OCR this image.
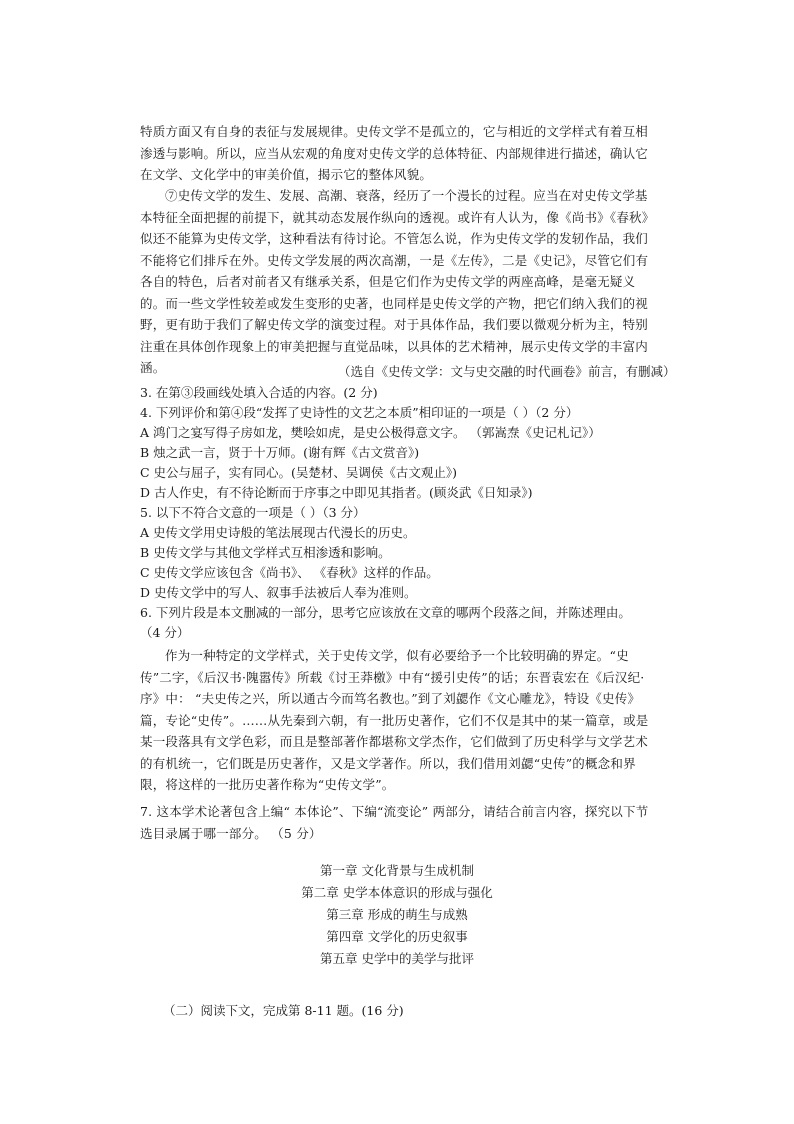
特质方面又有自身的表征与发展规律。史传文学不是孤立的，它与相近的文学样式有着互相渗透与影响。所以，应当从宏观的角度对史传文学的总体特征、内部规律进行描述，确认它在文学、文化学中的审美价值，揭示它的整体风貌。

⑦史传文学的发生、发展、高潮、衰落，经历了一个漫长的过程。应当在对史传文学基本特征全面把握的前提下，就其动态发展作纵向的透视。或许有人认为，像《尚书》《春秋》似还不能算为史传文学，这种看法有待讨论。不管怎么说，作为史传文学的发轫作品，我们不能将它们排斥在外。史传文学发展的两次高潮，一是《左传》，二是《史记》，尽管它们有各自的特色，后者对前者又有继承关系，但是它们作为史传文学的两座高峰，是毫无疑义的。而一些文学性较差或发生变形的史著，也同样是史传文学的产物，把它们纳入我们的视野，更有助于我们了解史传文学的演变过程。对于具体作品，我们要以微观分析为主，特别注重在具体创作现象上的审美把握与直觉品味，以具体的艺术精神，展示史传文学的丰富内涵。	（选自《史传文学：文与史交融的时代画卷》前言，有删减）
3. 在第③段画线处填入合适的内容。(2 分)
4. 下列评价和第④段“发挥了史诗性的文艺之本质”相印证的一项是（ ）（2 分）
A 鸿门之宴写得子房如龙，樊哙如虎，是史公极得意文字。 （郭嵩焘《史记札记》）
B 烛之武一言，贤于十万师。(谢有辉《古文赏音》)
C 史公与屈子，实有同心。(吴楚材、吴调侯《古文观止》)
D 古人作史，有不待论断而于序事之中即见其指者。(顾炎武《日知录》)
5. 以下不符合文意的一项是（ ）（3 分）
A 史传文学用史诗般的笔法展现古代漫长的历史。
B 史传文学与其他文学样式互相渗透和影响。
C 史传文学应该包含《尚书》、 《春秋》这样的作品。
D 史传文学中的写人、叙事手法被后人奉为准则。
6. 下列片段是本文删减的一部分，思考它应该放在文章的哪两个段落之间，并陈述理由。
（4 分）

作为一种特定的文学样式，关于史传文学，似有必要给予一个比较明确的界定。“史传”二字，《后汉书·隗嚣传》所载《讨王莽檄》中有“援引史传”的话；东晋袁宏在《后汉纪·序》中： “夫史传之兴，所以通古今而笃名教也。”到了刘勰作《文心雕龙》，特设《史传》篇，专论“史传”。……从先秦到六朝，有一批历史著作，它们不仅是其中的某一篇章，或是某一段落具有文学色彩，而且是整部著作都堪称文学杰作，它们做到了历史科学与文学艺术的有机统一，它们既是历史著作，又是文学著作。所以，我们借用刘勰“史传”的概念和界限，将这样的一批历史著作称为“史传文学”。

7. 这本学术论著包含上编“ 本体论”、下编“流变论” 两部分，请结合前言内容，探究以下节选目录属于哪一部分。 （5 分）

第一章 文化背景与生成机制
第二章 史学本体意识的形成与强化
第三章 形成的萌生与成熟
第四章 文学化的历史叙事
第五章 史学中的美学与批评
（二）阅读下文，完成第 8-11 题。(16 分)
